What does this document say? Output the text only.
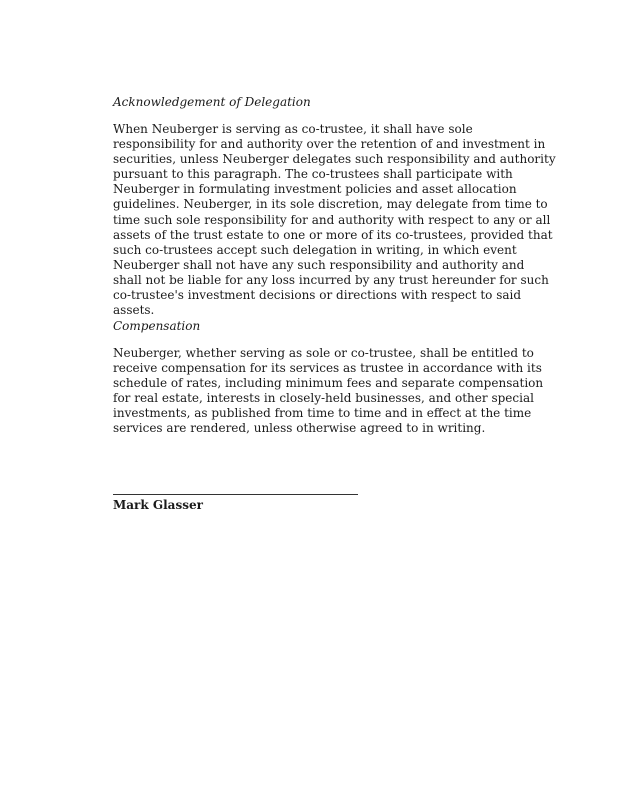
Acknowledgement of Delegation

When Neuberger is serving as co-trustee, it shall have sole
responsibility for and authority over the retention of and investment in
securities, unless Neuberger delegates such responsibility and authority
pursuant to this paragraph. The co-trustees shall participate with
Neuberger in formulating investment policies and asset allocation
guidelines. Neuberger, in its sole discretion, may delegate from time to
time such sole responsibility for and authority with respect to any or all
assets of the trust estate to one or more of its co-trustees, provided that
such co-trustees accept such delegation in writing, in which event
Neuberger shall not have any such responsibility and authority and
shall not be liable for any loss incurred by any trust hereunder for such
co-trustee's investment decisions or directions with respect to said
assets.

Compensation

Neuberger, whether serving as sole or co-trustee, shall be entitled to
receive compensation for its services as trustee in accordance with its
schedule of rates, including minimum fees and separate compensation
for real estate, interests in closely-held businesses, and other special
investments, as published from time to time and in effect at the time
services are rendered, unless otherwise agreed to in writing.

Mark Glasser
